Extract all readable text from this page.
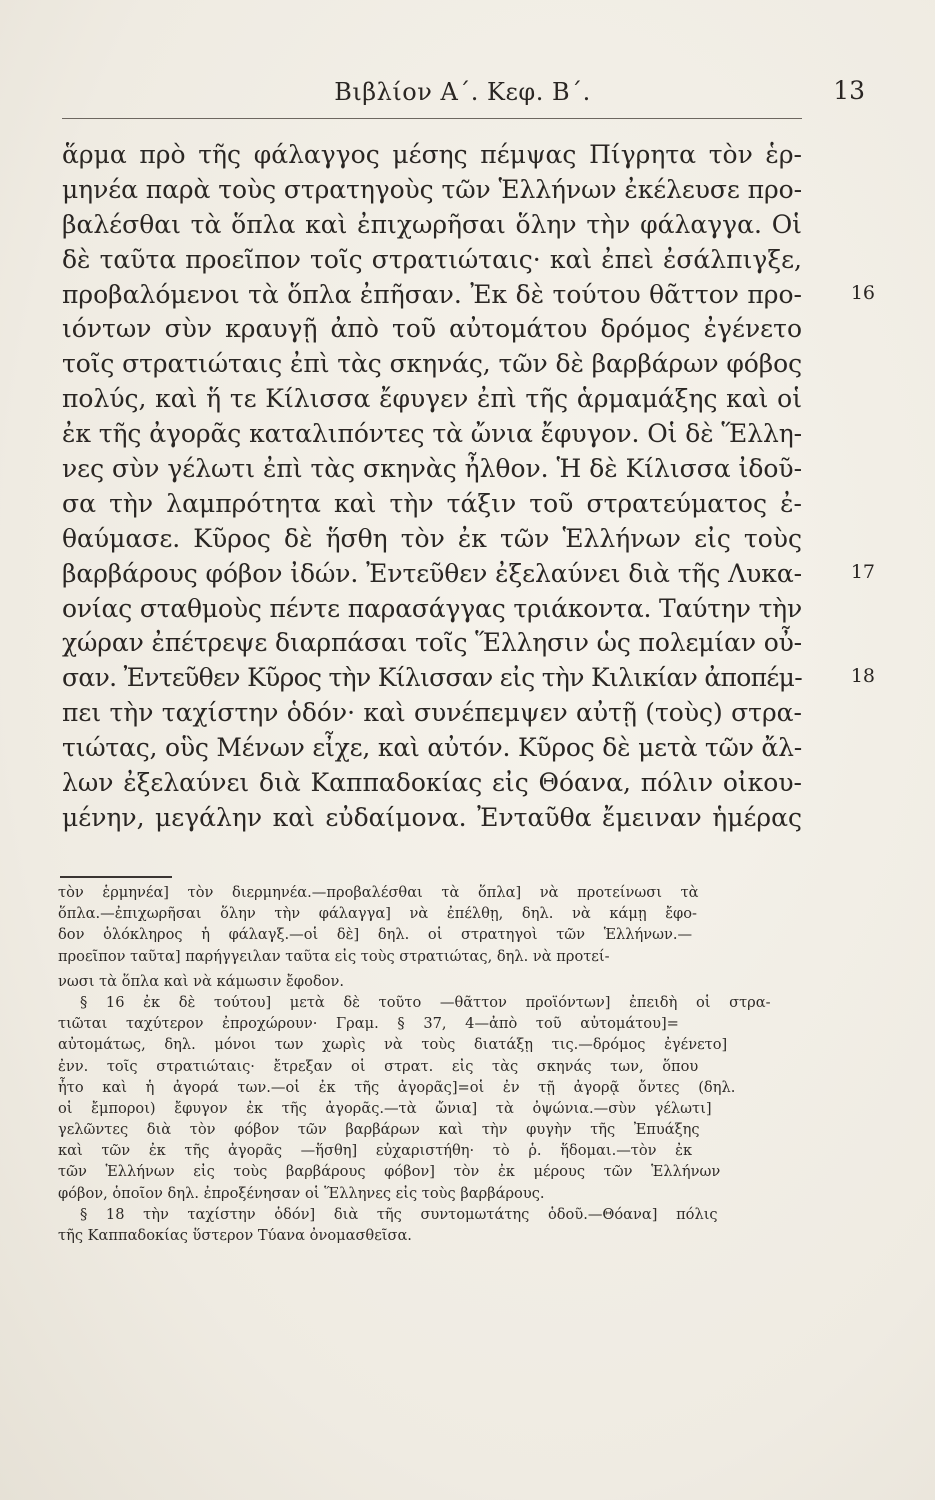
Βιβλίον Α΄. Κεφ. Β΄.	13
ἅρμα πρὸ τῆς φάλαγγος μέσης πέμψας Πίγρητα τὸν ἑρ-
μηνέα παρὰ τοὺς στρατηγοὺς τῶν Ἑλλήνων ἐκέλευσε προ-
βαλέσθαι τὰ ὅπλα καὶ ἐπιχωρῆσαι ὅλην τὴν φάλαγγα. Οἱ
δὲ ταῦτα προεῖπον τοῖς στρατιώταις· καὶ ἐπεὶ ἐσάλπιγξε,
προβαλόμενοι τὰ ὅπλα ἐπῆσαν. Ἐκ δὲ τούτου θᾶττον προ-	16
ιόντων σὺν κραυγῇ ἀπὸ τοῦ αὐτομάτου δρόμος ἐγένετο
τοῖς στρατιώταις ἐπὶ τὰς σκηνάς, τῶν δὲ βαρβάρων φόβος
πολύς, καὶ ἥ τε Κίλισσα ἔφυγεν ἐπὶ τῆς ἁρμαμάξης καὶ οἱ
ἐκ τῆς ἀγορᾶς καταλιπόντες τὰ ὤνια ἔφυγον. Οἱ δὲ Ἕλλη-
νες σὺν γέλωτι ἐπὶ τὰς σκηνὰς ἦλθον. Ἡ δὲ Κίλισσα ἰδοῦ-
σα τὴν λαμπρότητα καὶ τὴν τάξιν τοῦ στρατεύματος ἐ-
θαύμασε. Κῦρος δὲ ἥσθη τὸν ἐκ τῶν Ἑλλήνων εἰς τοὺς
βαρβάρους φόβον ἰδών. Ἐντεῦθεν ἐξελαύνει διὰ τῆς Λυκα-	17
ονίας σταθμοὺς πέντε παρασάγγας τριάκοντα. Ταύτην τὴν
χώραν ἐπέτρεψε διαρπάσαι τοῖς Ἕλλησιν ὡς πολεμίαν οὖ-
σαν. Ἐντεῦθεν Κῦρος τὴν Κίλισσαν εἰς τὴν Κιλικίαν ἀποπέμ-	18
πει τὴν ταχίστην ὁδόν· καὶ συνέπεμψεν αὐτῇ (τοὺς) στρα-
τιώτας, οὓς Μένων εἶχε, καὶ αὐτόν. Κῦρος δὲ μετὰ τῶν ἄλ-
λων ἐξελαύνει διὰ Καππαδοκίας εἰς Θόανα, πόλιν οἰκου-
μένην, μεγάλην καὶ εὐδαίμονα. Ἐνταῦθα ἔμειναν ἡμέρας
τὸν ἑρμηνέα] τὸν διερμηνέα.—προβαλέσθαι τὰ ὅπλα] νὰ προτείνωσι τὰ
ὅπλα.—ἐπιχωρῆσαι ὅλην τὴν φάλαγγα] νὰ ἐπέλθῃ, δηλ. νὰ κάμῃ ἔφο-
δον ὁλόκληρος ἡ φάλαγξ.—οἱ δὲ] δηλ. οἱ στρατηγοὶ τῶν Ἑλλήνων.—
προεῖπον ταῦτα] παρήγγειλαν ταῦτα εἰς τοὺς στρατιώτας, δηλ. νὰ προτεί-
νωσι τὰ ὅπλα καὶ νὰ κάμωσιν ἔφοδον.
§ 16 ἐκ δὲ τούτου] μετὰ δὲ τοῦτο —θᾶττον προϊόντων] ἐπειδὴ οἱ στρα-
τιῶται ταχύτερον ἐπροχώρουν· Γραμ. § 37, 4—ἀπὸ τοῦ αὐτομάτου]=
αὐτομάτως, δηλ. μόνοι των χωρὶς νὰ τοὺς διατάξῃ τις.—δρόμος ἐγένετο]
ἐνν. τοῖς στρατιώταις· ἔτρεξαν οἱ στρατ. εἰς τὰς σκηνάς των, ὅπου
ἦτο καὶ ἡ ἀγορά των.—οἱ ἐκ τῆς ἀγορᾶς]=οἱ ἐν τῇ ἀγορᾷ ὄντες (δηλ.
οἱ ἔμποροι) ἔφυγον ἐκ τῆς ἀγορᾶς.—τὰ ὤνια] τὰ ὀψώνια.—σὺν γέλωτι]
γελῶντες διὰ τὸν φόβον τῶν βαρβάρων καὶ τὴν φυγὴν τῆς Ἐπυάξης
καὶ τῶν ἐκ τῆς ἀγορᾶς —ἥσθη] εὐχαριστήθη· τὸ ῥ. ἥδομαι.—τὸν ἐκ
τῶν Ἑλλήνων εἰς τοὺς βαρβάρους φόβον] τὸν ἐκ μέρους τῶν Ἑλλήνων
φόβον, ὁποῖον δηλ. ἐπροξένησαν οἱ Ἕλληνες εἰς τοὺς βαρβάρους.
§ 18 τὴν ταχίστην ὁδόν] διὰ τῆς συντομωτάτης ὁδοῦ.—Θόανα] πόλις
τῆς Καππαδοκίας ὕστερον Τύανα ὀνομασθεῖσα.
